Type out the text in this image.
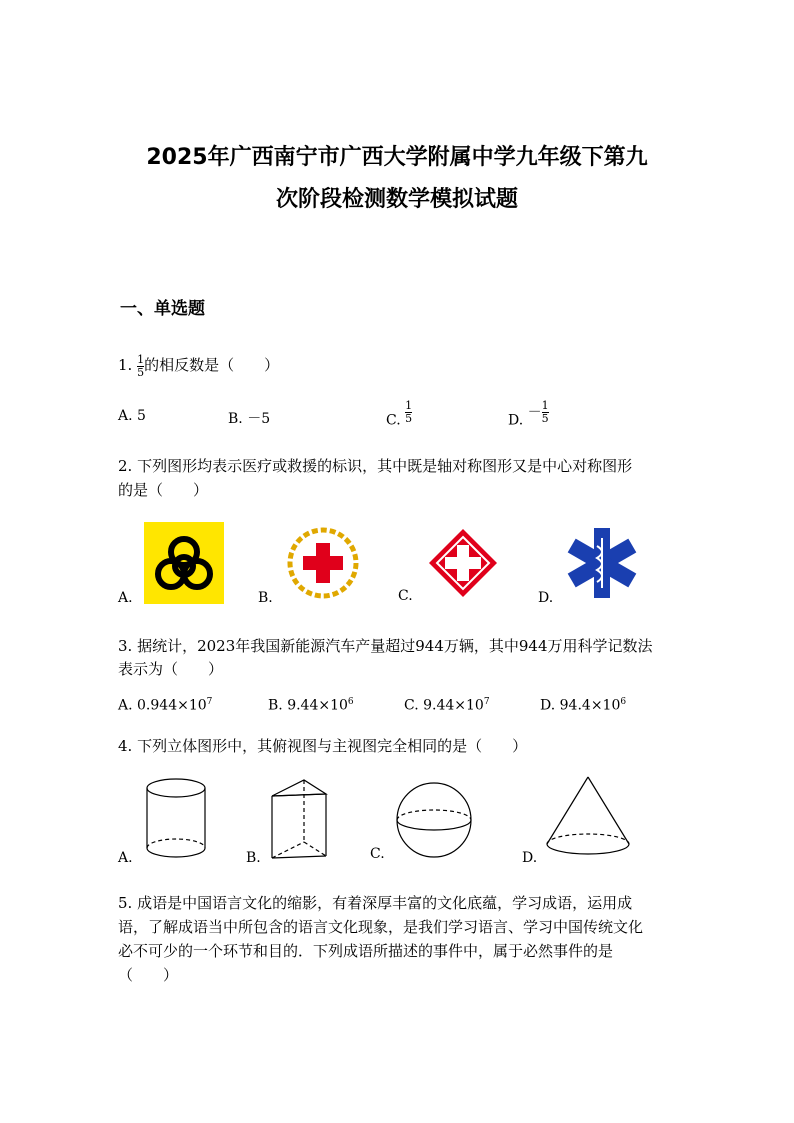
2025年广西南宁市广西大学附属中学九年级下第九
次阶段检测数学模拟试题
一、单选题
1. $\frac{1}{5}$ 的相反数是（　　）
A. 5	B. －5	C. $\frac{1}{5}$	D. － $\frac{1}{5}$
2. 下列图形均表示医疗或救援的标识，其中既是轴对称图形又是中心对称图形
的是（　　）
A.	B.	C.	D.
3. 据统计，2023年我国新能源汽车产量超过944万辆，其中944万用科学记数法
表示为（　　）
A. $0.944\times 10^7$	B. $9.44\times 10^6$	C. $9.44\times 10^7$	D. $94.4\times 10^6$
4. 下列立体图形中，其俯视图与主视图完全相同的是（　　）
A.	B.	C.	D.
5. 成语是中国语言文化的缩影，有着深厚丰富的文化底蕴，学习成语，运用成
语，了解成语当中所包含的语言文化现象，是我们学习语言、学习中国传统文化
必不可少的一个环节和目的．下列成语所描述的事件中，属于必然事件的是
（　　）
